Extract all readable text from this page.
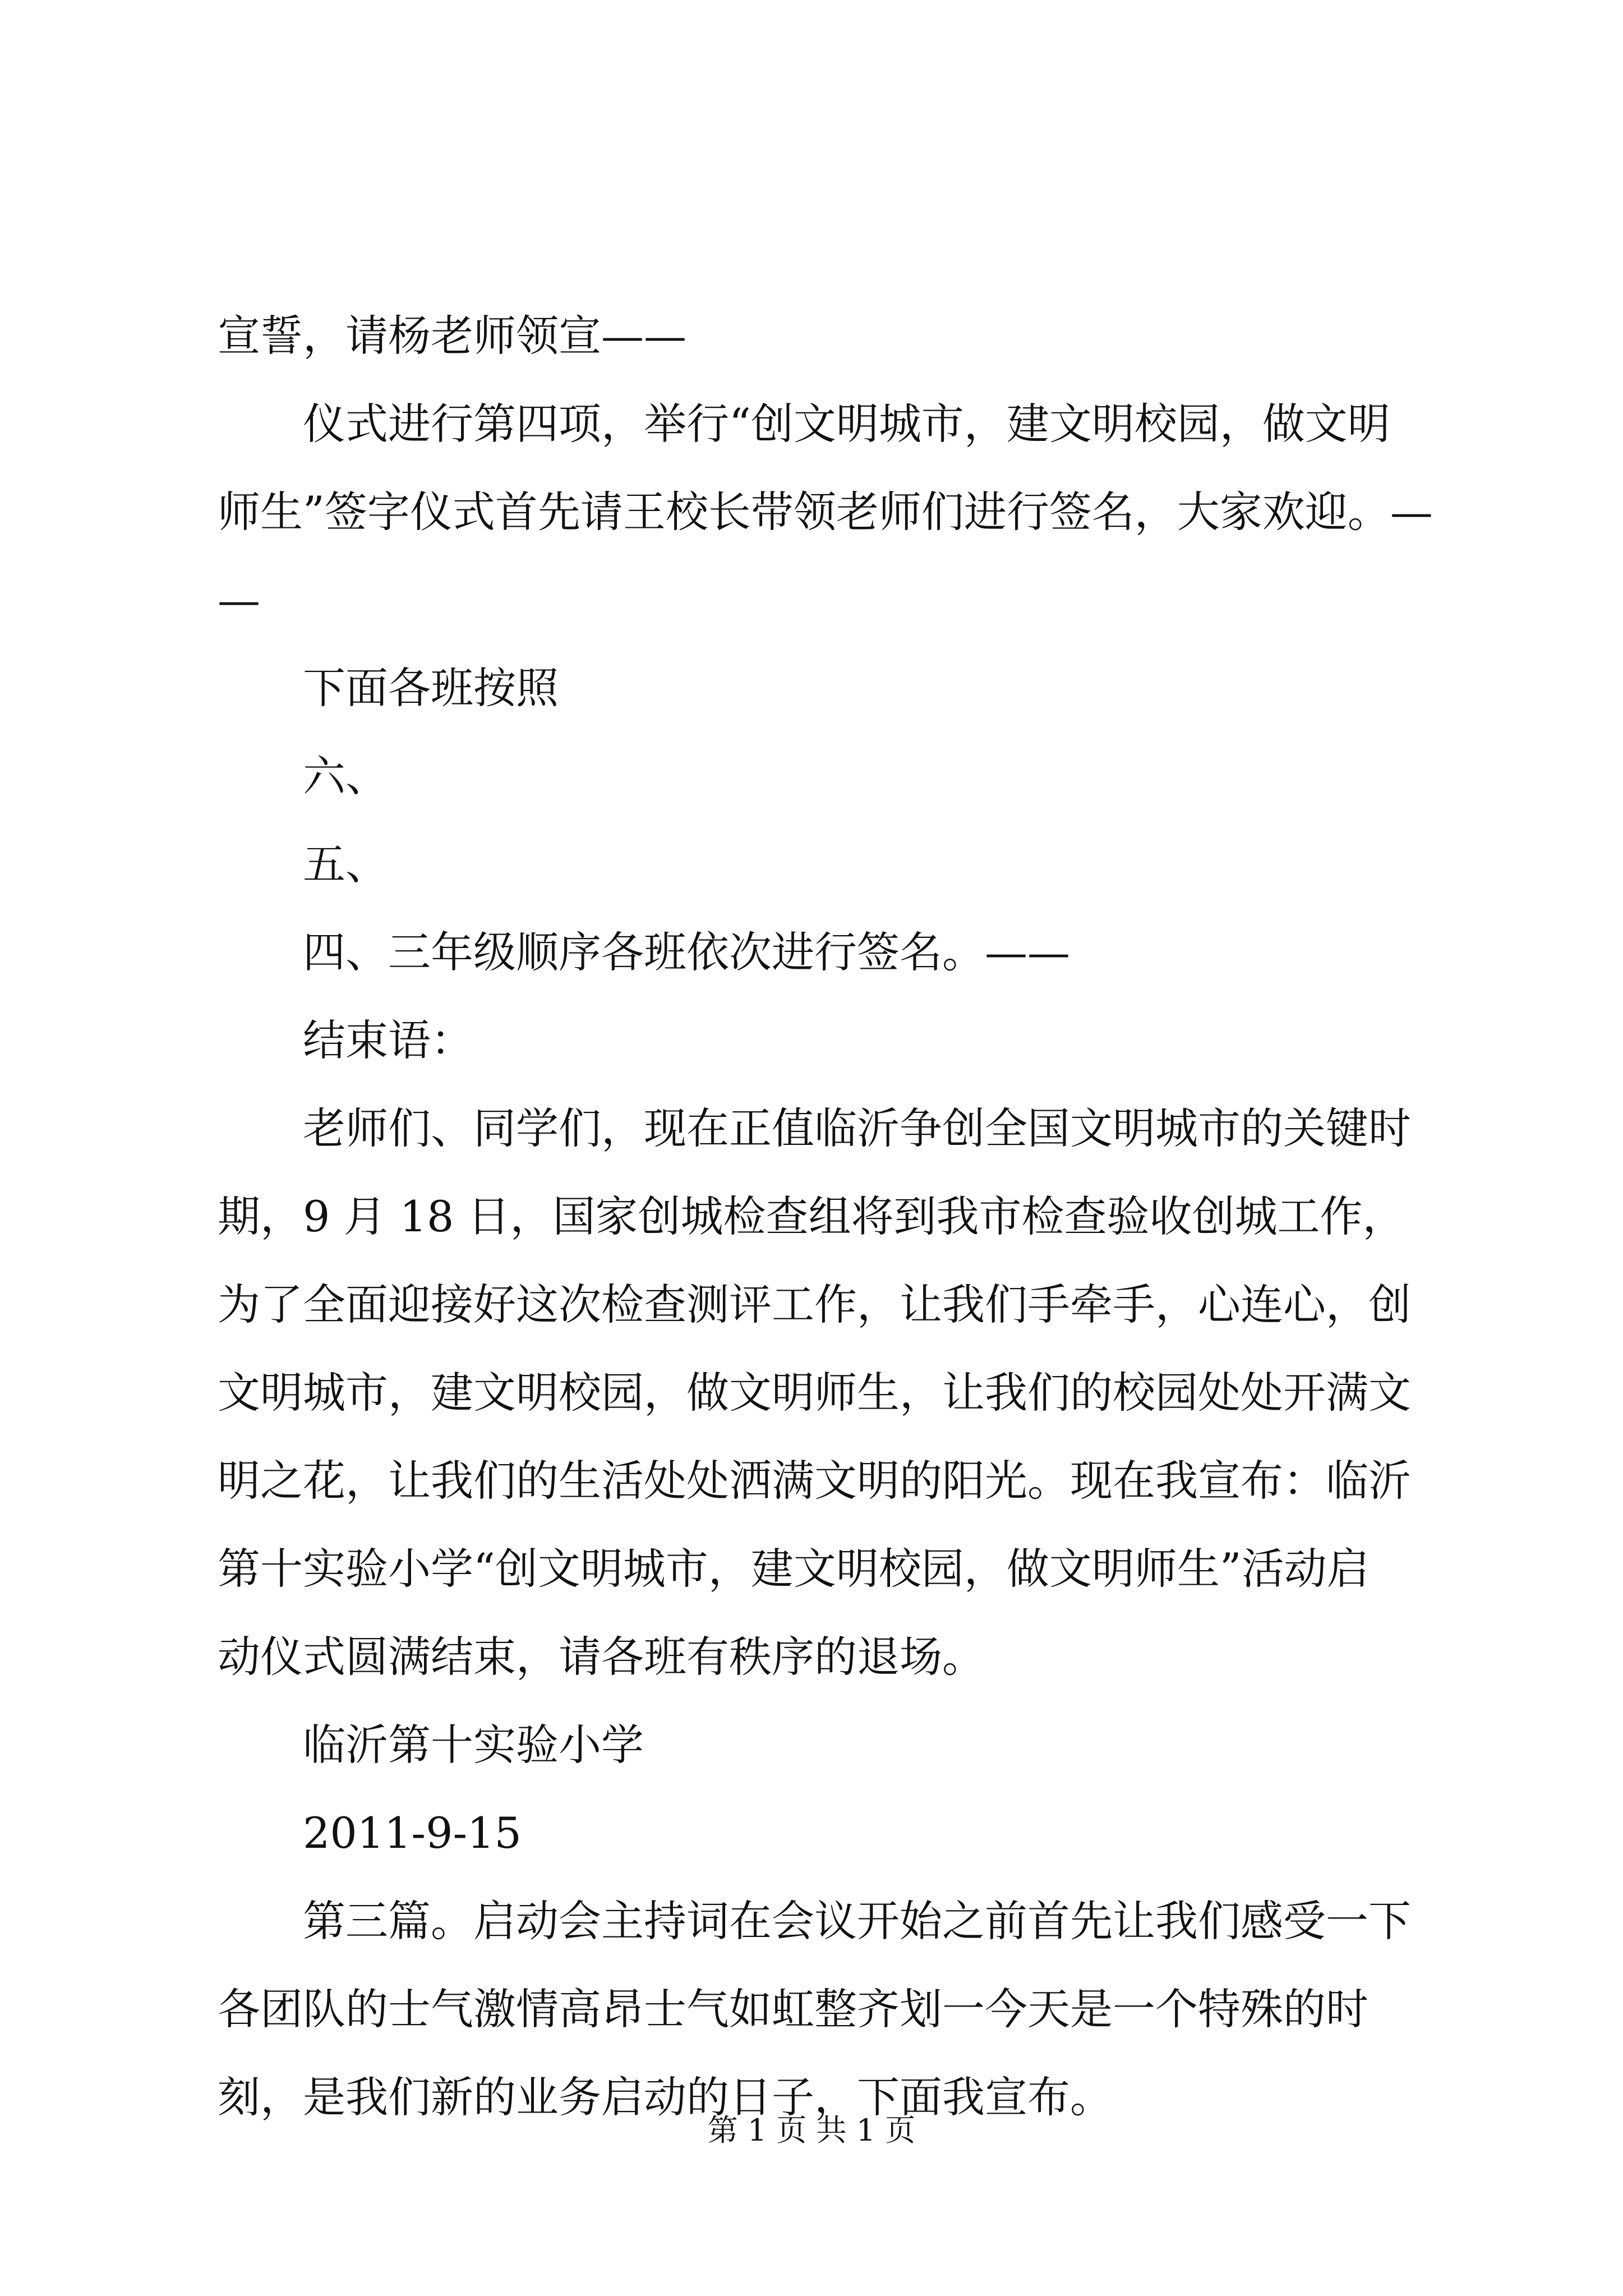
宣誓，请杨老师领宣——
仪式进行第四项，举行“创文明城市，建文明校园，做文明
师生”签字仪式首先请王校长带领老师们进行签名，大家欢迎。—
—
下面各班按照
六、
五、
四、三年级顺序各班依次进行签名。——
结束语：
老师们、同学们，现在正值临沂争创全国文明城市的关键时
期，9 月 18 日，国家创城检查组将到我市检查验收创城工作，
为了全面迎接好这次检查测评工作，让我们手牵手，心连心，创
文明城市，建文明校园，做文明师生，让我们的校园处处开满文
明之花，让我们的生活处处洒满文明的阳光。现在我宣布：临沂
第十实验小学“创文明城市，建文明校园，做文明师生”活动启
动仪式圆满结束，请各班有秩序的退场。
临沂第十实验小学
2011-9-15
第三篇。启动会主持词在会议开始之前首先让我们感受一下
各团队的士气激情高昂士气如虹整齐划一今天是一个特殊的时
刻，是我们新的业务启动的日子，下面我宣布。
第 1 页 共 1 页
